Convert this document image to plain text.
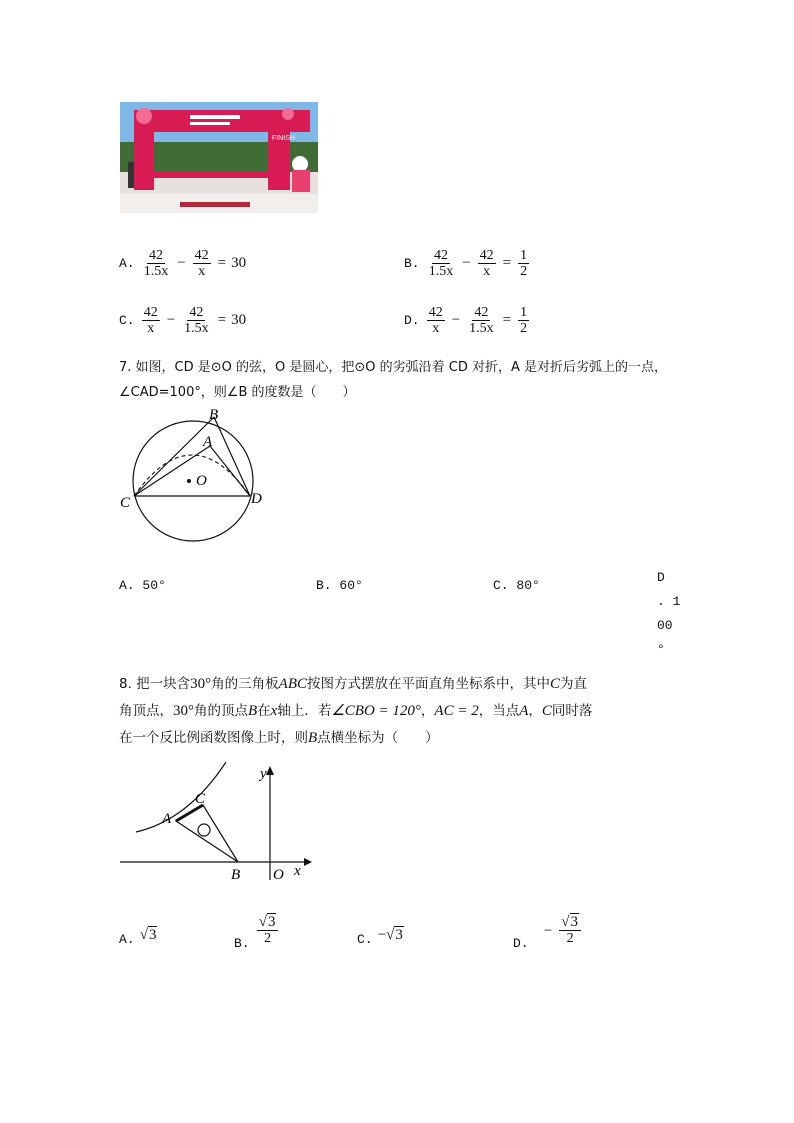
FINISH
$_{A.} \frac{42}{1.5x} - \frac{42}{x} = 30$	$_{B.} \frac{42}{1.5x} - \frac{42}{x} = \frac{1}{2}$
$_{C.} \frac{42}{x} - \frac{42}{1.5x} = 30$	$_{D.} \frac{42}{x} - \frac{42}{1.5x} = \frac{1}{2}$
7. 如图，CD 是⊙O 的弦，O 是圆心，把⊙O 的劣弧沿着 CD 对折，A 是对折后劣弧上的一点，
∠CAD=100°，则∠B 的度数是（　　）
B
A
O
C	D
A. 50°	B. 60°	C. 80°
D
. 1
00
°
8. 把一块含30°角的三角板ABC按图方式摆放在平面直角坐标系中，其中C为直
角顶点，30°角的顶点B在x轴上．若∠CBO = 120°，AC = 2，当点A，C同时落
在一个反比例函数图像上时，则B点横坐标为（　　）
y
x
C
A
B O
$_{A.}$ √3
$_{B.} \frac{√3}{2}$	$_{C.}$ −√3
$_{D.} - \frac{√3}{2}$
